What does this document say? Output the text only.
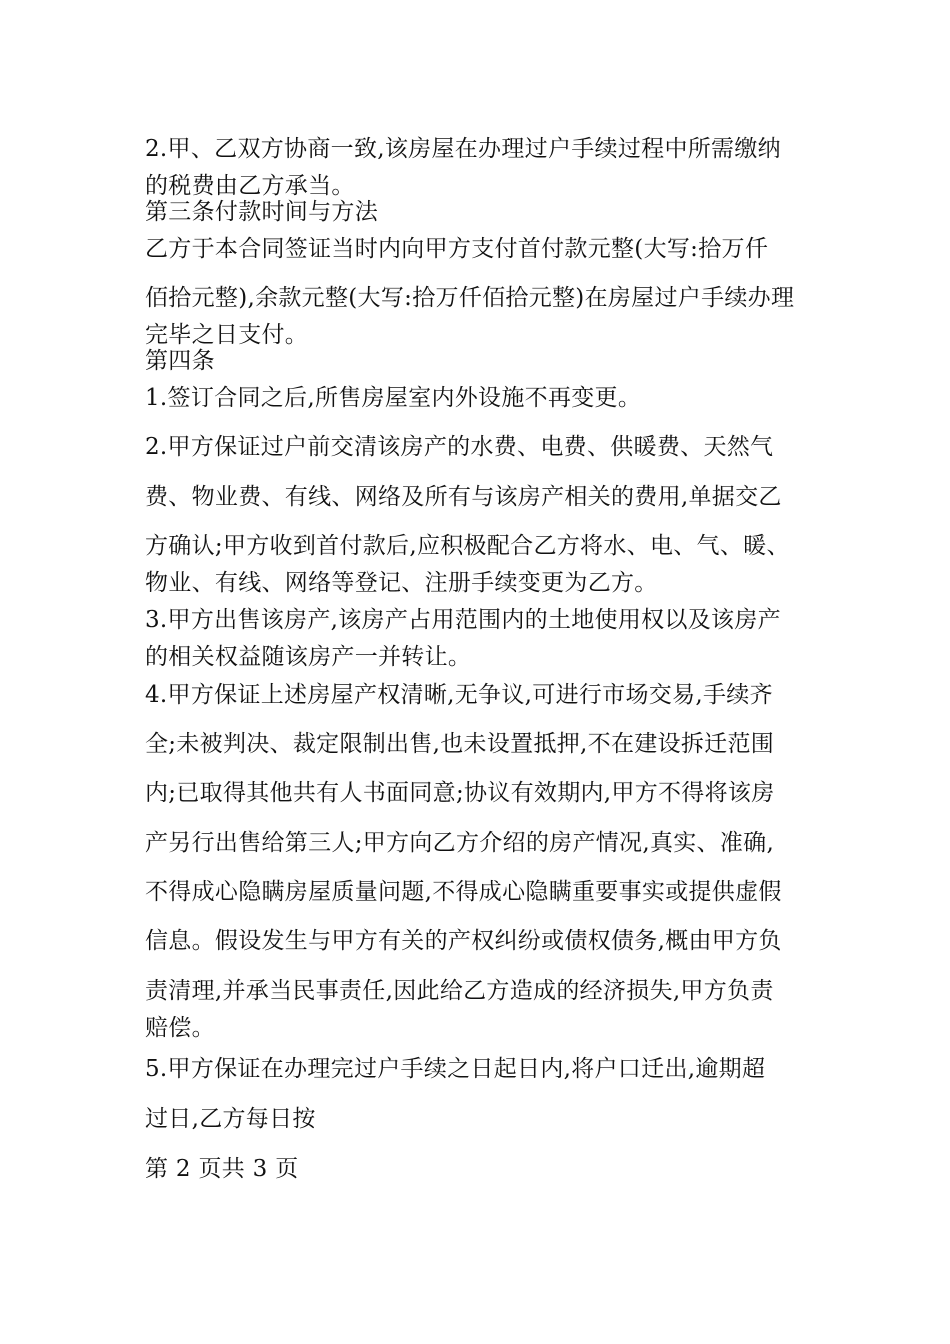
2.甲、乙双方协商一致,该房屋在办理过户手续过程中所需缴纳

的税费由乙方承当。

第三条付款时间与方法

乙方于本合同签证当时内向甲方支付首付款元整(大写:拾万仟

佰拾元整),余款元整(大写:拾万仟佰拾元整)在房屋过户手续办理

完毕之日支付。

第四条

1.签订合同之后,所售房屋室内外设施不再变更。

2.甲方保证过户前交清该房产的水费、电费、供暖费、天然气

费、物业费、有线、网络及所有与该房产相关的费用,单据交乙

方确认;甲方收到首付款后,应积极配合乙方将水、电、气、暖、

物业、有线、网络等登记、注册手续变更为乙方。

3.甲方出售该房产,该房产占用范围内的土地使用权以及该房产

的相关权益随该房产一并转让。

4.甲方保证上述房屋产权清晰,无争议,可进行市场交易,手续齐

全;未被判决、裁定限制出售,也未设置抵押,不在建设拆迁范围

内;已取得其他共有人书面同意;协议有效期内,甲方不得将该房

产另行出售给第三人;甲方向乙方介绍的房产情况,真实、准确,

不得成心隐瞒房屋质量问题,不得成心隐瞒重要事实或提供虚假

信息。假设发生与甲方有关的产权纠纷或债权债务,概由甲方负

责清理,并承当民事责任,因此给乙方造成的经济损失,甲方负责

赔偿。

5.甲方保证在办理完过户手续之日起日内,将户口迁出,逾期超

过日,乙方每日按

第 2 页共 3 页
